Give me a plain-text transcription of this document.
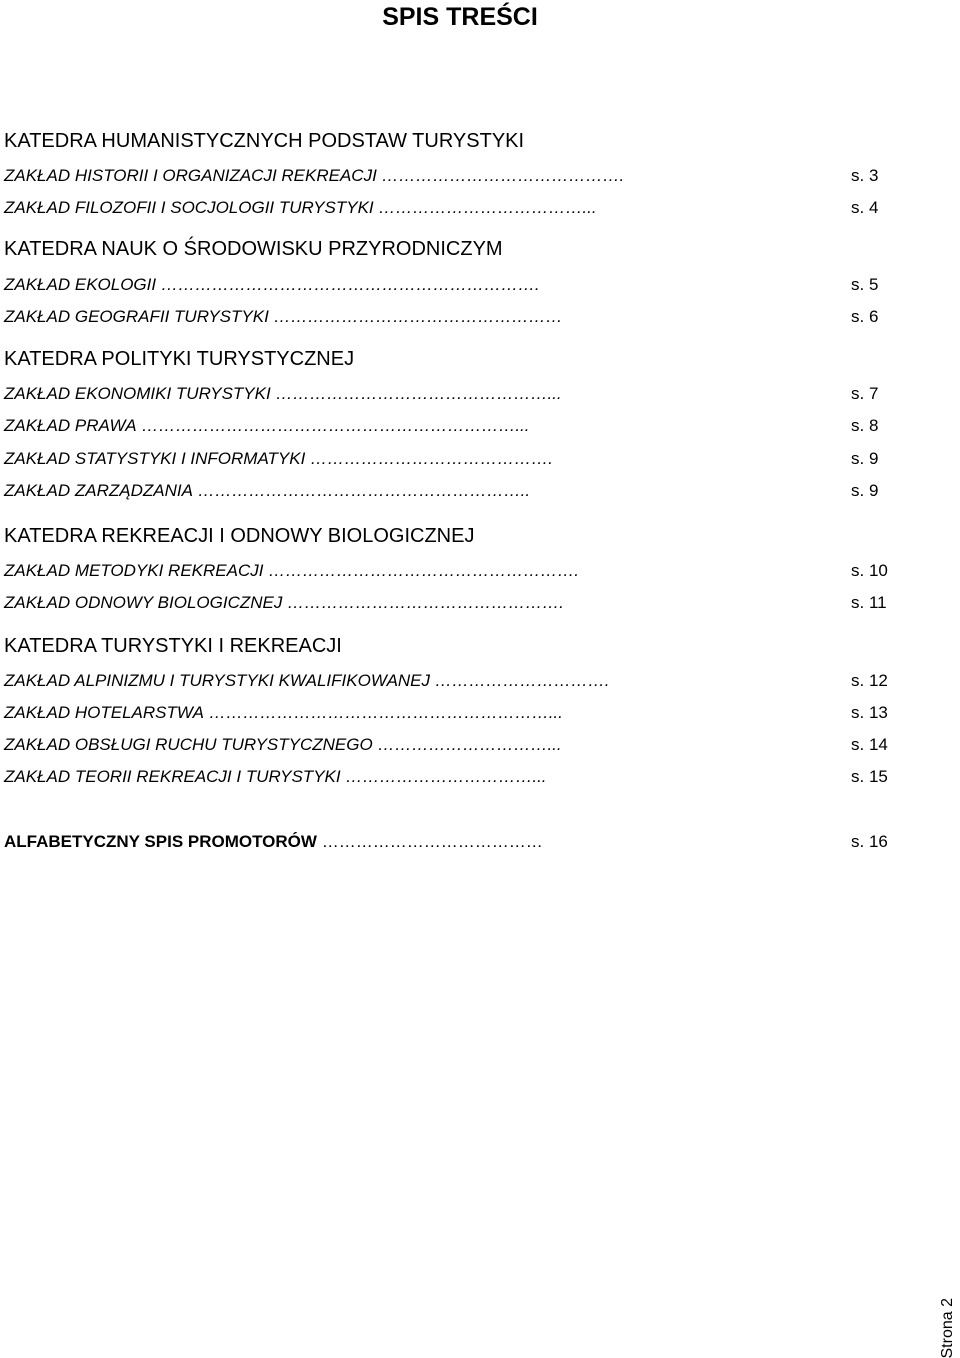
SPIS TREŚCI
KATEDRA HUMANISTYCZNYCH PODSTAW TURYSTYKI
ZAKŁAD HISTORII I ORGANIZACJI REKREACJI …………………………………….	s. 3
ZAKŁAD FILOZOFII I SOCJOLOGII TURYSTYKI ………………………………...	s. 4
KATEDRA NAUK O ŚRODOWISKU PRZYRODNICZYM
ZAKŁAD EKOLOGII ………………………………………………………….	s. 5
ZAKŁAD GEOGRAFII TURYSTYKI ……………………………………………	s. 6
KATEDRA POLITYKI TURYSTYCZNEJ
ZAKŁAD EKONOMIKI TURYSTYKI …………………………………………...	s. 7
ZAKŁAD PRAWA …………………………………………………………...	s. 8
ZAKŁAD STATYSTYKI I INFORMATYKI …………………………………….	s. 9
ZAKŁAD ZARZĄDZANIA …………………………………………………..	s. 9
KATEDRA REKREACJI I ODNOWY BIOLOGICZNEJ
ZAKŁAD METODYKI REKREACJI ……………………………………………….	s. 10
ZAKŁAD ODNOWY BIOLOGICZNEJ ………………………………………….	s. 11
KATEDRA TURYSTYKI I REKREACJI
ZAKŁAD ALPINIZMU I TURYSTYKI KWALIFIKOWANEJ ………………………….	s. 12
ZAKŁAD HOTELARSTWA ……………………………………………………...	s. 13
ZAKŁAD OBSŁUGI RUCHU TURYSTYCZNEGO …………………………...	s. 14
ZAKŁAD TEORII REKREACJI I TURYSTYKI ……………………………...	s. 15
ALFABETYCZNY SPIS PROMOTORÓW …………………………………	s. 16
Strona 2
